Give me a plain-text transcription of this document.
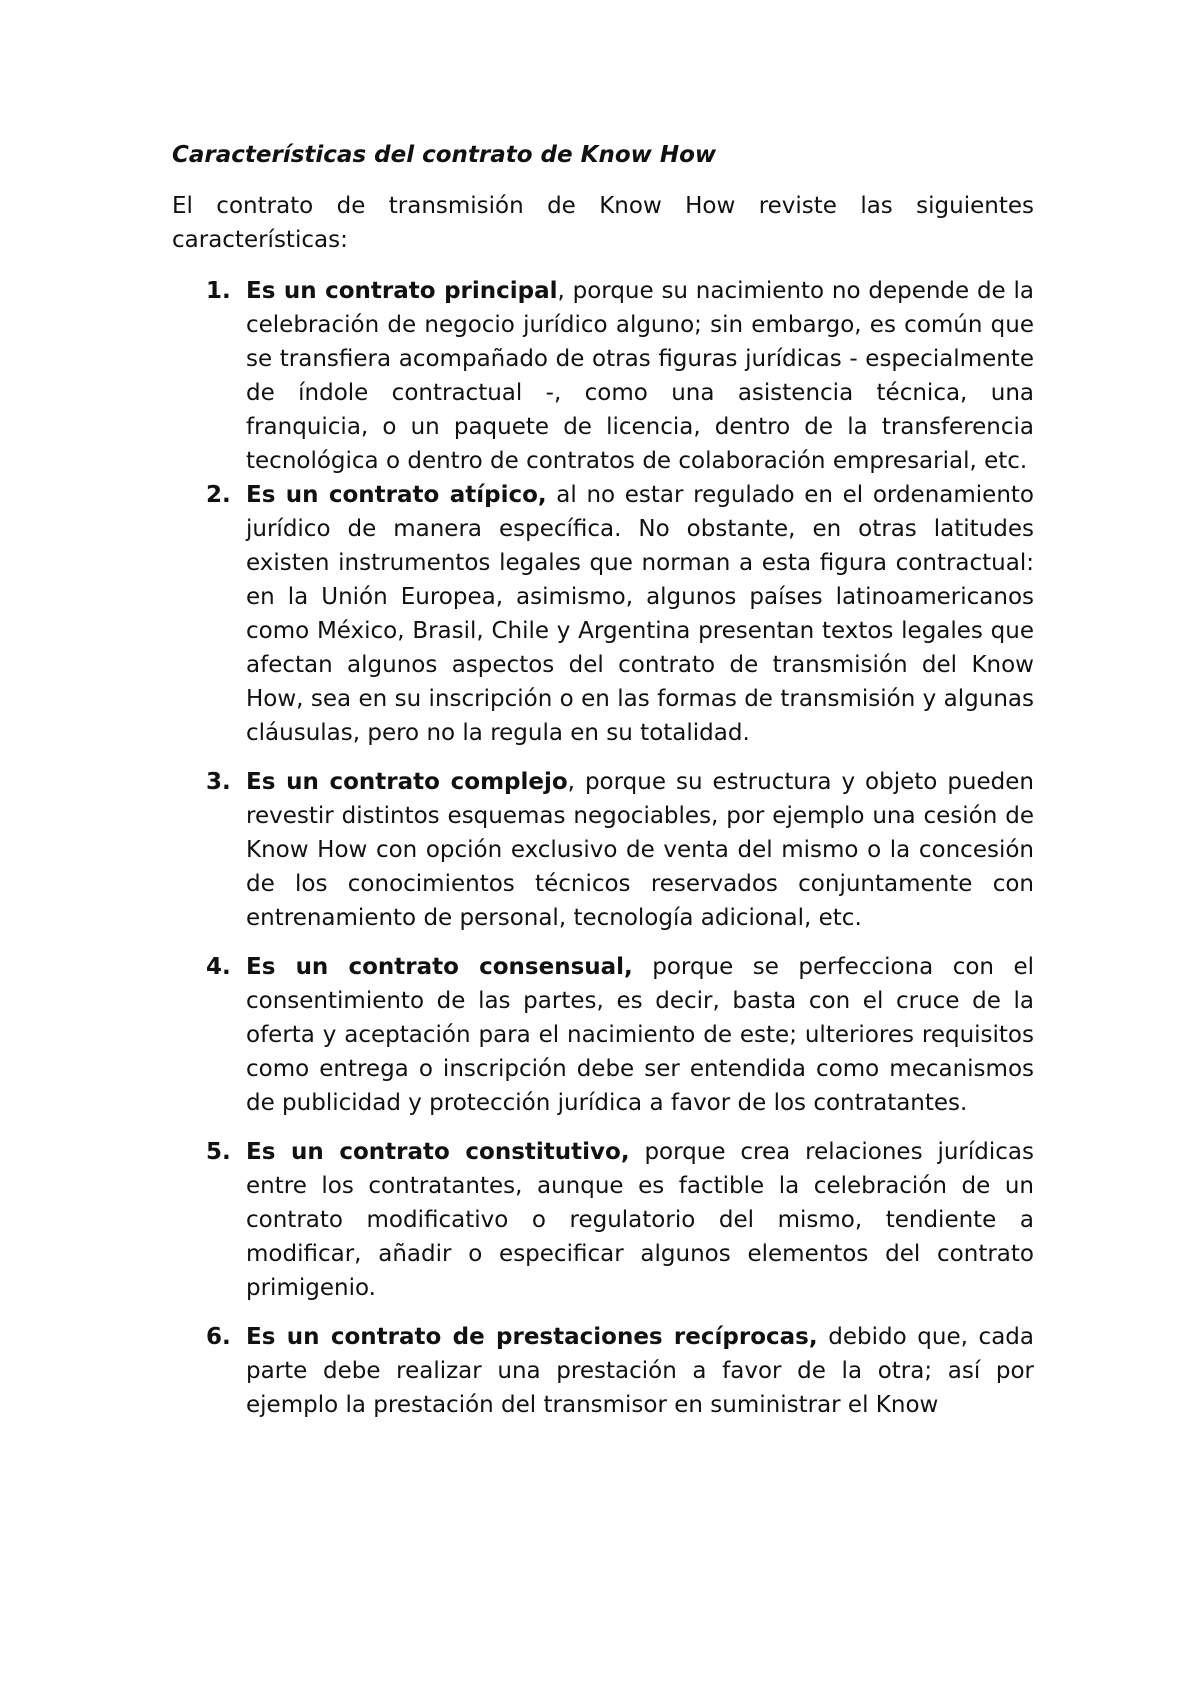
Características del contrato de Know How

El contrato de transmisión de Know How reviste las siguientes características:

1. Es un contrato principal, porque su nacimiento no depende de la celebración de negocio jurídico alguno; sin embargo, es común que se transfiera acompañado de otras figuras jurídicas - especialmente de índole contractual -, como una asistencia técnica, una franquicia, o un paquete de licencia, dentro de la transferencia tecnológica o dentro de contratos de colaboración empresarial, etc.
2. Es un contrato atípico, al no estar regulado en el ordenamiento jurídico de manera específica. No obstante, en otras latitudes existen instrumentos legales que norman a esta figura contractual: en la Unión Europea, asimismo, algunos países latinoamericanos como México, Brasil, Chile y Argentina presentan textos legales que afectan algunos aspectos del contrato de transmisión del Know How, sea en su inscripción o en las formas de transmisión y algunas cláusulas, pero no la regula en su totalidad.
3. Es un contrato complejo, porque su estructura y objeto pueden revestir distintos esquemas negociables, por ejemplo una cesión de Know How con opción exclusivo de venta del mismo o la concesión de los conocimientos técnicos reservados conjuntamente con entrenamiento de personal, tecnología adicional, etc.
4. Es un contrato consensual, porque se perfecciona con el consentimiento de las partes, es decir, basta con el cruce de la oferta y aceptación para el nacimiento de este; ulteriores requisitos como entrega o inscripción debe ser entendida como mecanismos de publicidad y protección jurídica a favor de los contratantes.
5. Es un contrato constitutivo, porque crea relaciones jurídicas entre los contratantes, aunque es factible la celebración de un contrato modificativo o regulatorio del mismo, tendiente a modificar, añadir o especificar algunos elementos del contrato primigenio.
6. Es un contrato de prestaciones recíprocas, debido que, cada parte debe realizar una prestación a favor de la otra; así por ejemplo la prestación del transmisor en suministrar el Know
